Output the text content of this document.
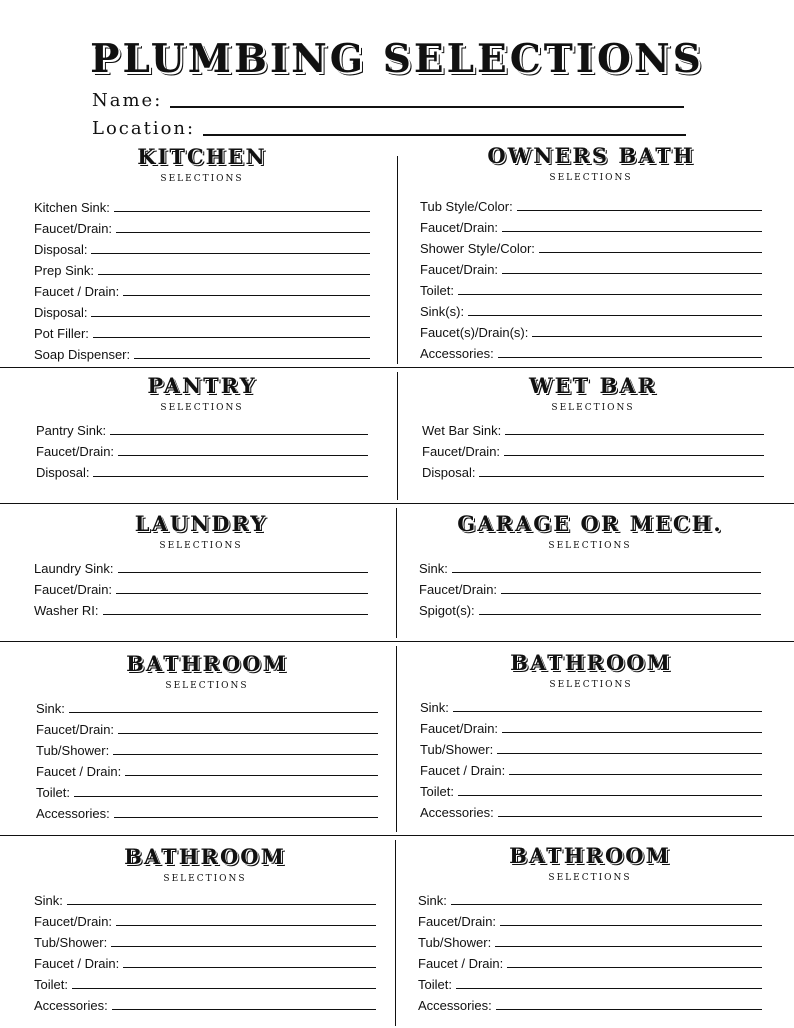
PLUMBING SELECTIONS
Name:
Location:
KITCHEN
SELECTIONS
Kitchen Sink:
Faucet/Drain:
Disposal:
Prep Sink:
Faucet / Drain:
Disposal:
Pot Filler:
Soap Dispenser:
OWNERS BATH
SELECTIONS
Tub Style/Color:
Faucet/Drain:
Shower Style/Color:
Faucet/Drain:
Toilet:
Sink(s):
Faucet(s)/Drain(s):
Accessories:
PANTRY
SELECTIONS
Pantry Sink:
Faucet/Drain:
Disposal:
WET BAR
SELECTIONS
Wet Bar Sink:
Faucet/Drain:
Disposal:
LAUNDRY
SELECTIONS
Laundry Sink:
Faucet/Drain:
Washer RI:
GARAGE OR MECH.
SELECTIONS
Sink:
Faucet/Drain:
Spigot(s):
BATHROOM
SELECTIONS
Sink:
Faucet/Drain:
Tub/Shower:
Faucet / Drain:
Toilet:
Accessories:
BATHROOM
SELECTIONS
Sink:
Faucet/Drain:
Tub/Shower:
Faucet / Drain:
Toilet:
Accessories:
BATHROOM
SELECTIONS
Sink:
Faucet/Drain:
Tub/Shower:
Faucet / Drain:
Toilet:
Accessories:
BATHROOM
SELECTIONS
Sink:
Faucet/Drain:
Tub/Shower:
Faucet / Drain:
Toilet:
Accessories:
